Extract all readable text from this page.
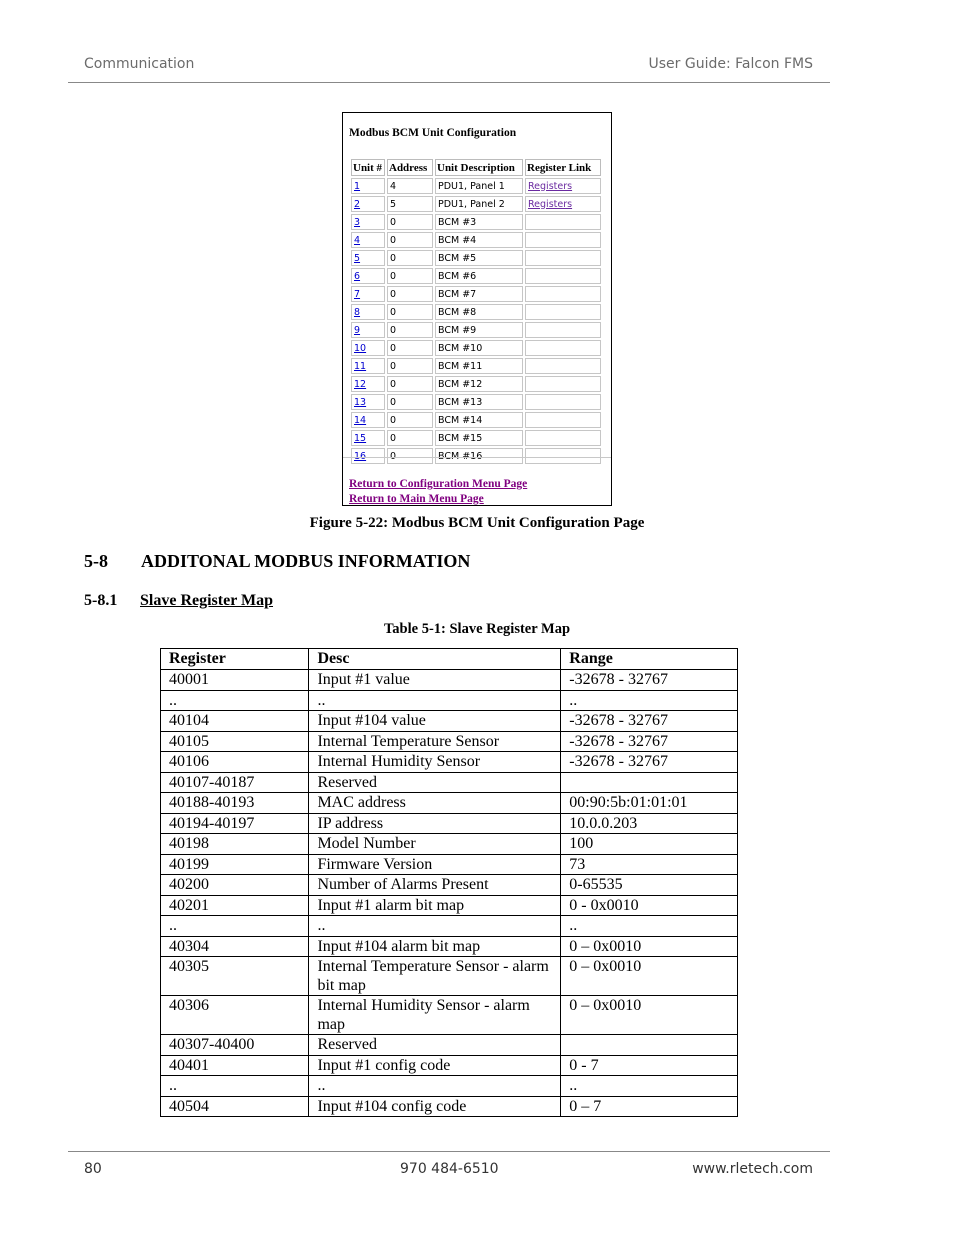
Communication	User Guide: Falcon FMS
Modbus BCM Unit Configuration
Unit #	Address	Unit Description	Register Link
1	4	PDU1, Panel 1	Registers
2	5	PDU1, Panel 2	Registers
3	0	BCM #3	
4	0	BCM #4	
5	0	BCM #5	
6	0	BCM #6	
7	0	BCM #7	
8	0	BCM #8	
9	0	BCM #9	
10	0	BCM #10	
11	0	BCM #11	
12	0	BCM #12	
13	0	BCM #13	
14	0	BCM #14	
15	0	BCM #15	
16	0	BCM #16	
Return to Configuration Menu Page
Return to Main Menu Page
Figure 5-22: Modbus BCM Unit Configuration Page
5-8 ADDITONAL MODBUS INFORMATION
5-8.1 Slave Register Map
Table 5-1: Slave Register Map
Register	Desc	Range
40001	Input #1 value	-32678 - 32767
..	..	..
40104	Input #104 value	-32678 - 32767
40105	Internal Temperature Sensor	-32678 - 32767
40106	Internal Humidity Sensor	-32678 - 32767
40107-40187	Reserved	
40188-40193	MAC address	00:90:5b:01:01:01
40194-40197	IP address	10.0.0.203
40198	Model Number	100
40199	Firmware Version	73
40200	Number of Alarms Present	0-65535
40201	Input #1 alarm bit map	0 - 0x0010
..	..	..
40304	Input #104 alarm bit map	0 – 0x0010
40305	Internal Temperature Sensor - alarm bit map	0 – 0x0010
40306	Internal Humidity Sensor - alarm map	0 – 0x0010
40307-40400	Reserved	
40401	Input #1 config code	0 - 7
..	..	..
40504	Input #104 config code	0 – 7
80	970 484-6510	www.rletech.com
